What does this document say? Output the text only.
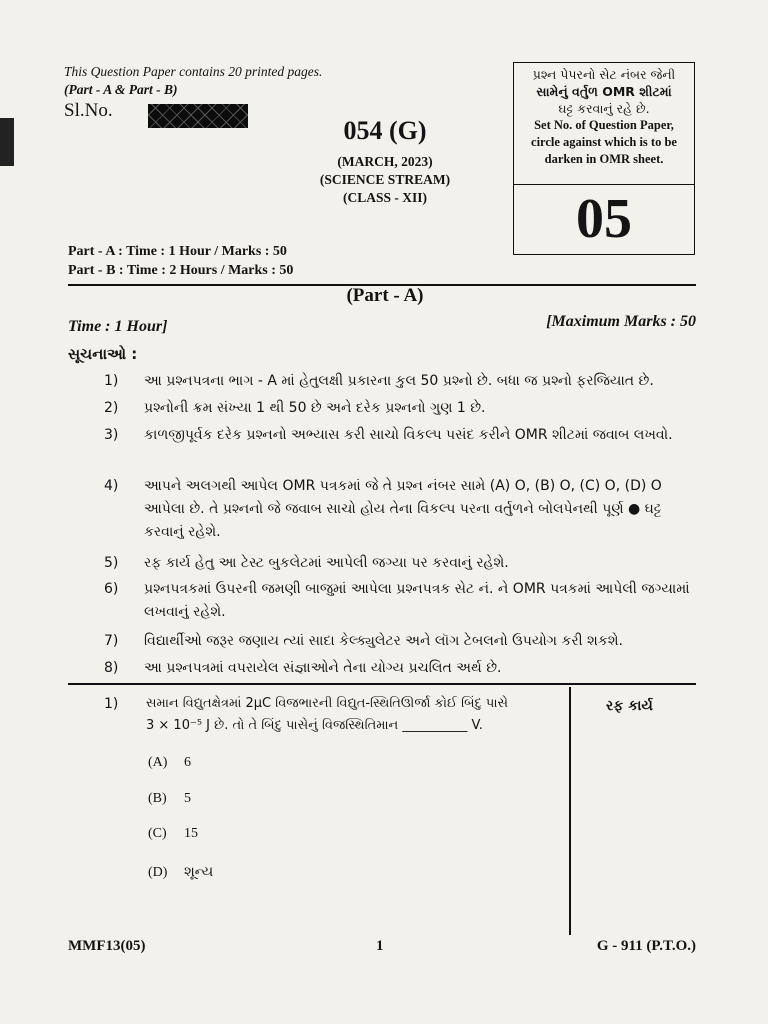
This Question Paper contains 20 printed pages.
(Part - A & Part - B)
Sl.No.
054 (G)
(MARCH, 2023)
(SCIENCE STREAM)
(CLASS - XII)
પ્રશ્ન પેપરનો સેટ નંબર જેની
સામેનું વર્તુળ OMR શીટમાં
ઘટ્ટ કરવાનું રહે છે.
Set No. of Question Paper,
circle against which is to be
darken in OMR sheet.
05
Part - A : Time : 1 Hour / Marks : 50
Part - B : Time : 2 Hours / Marks : 50
(Part - A)
Time : 1 Hour]	[Maximum Marks : 50
સૂચનાઓ :
1)	આ પ્રશ્નપત્રના ભાગ - A માં હેતુલક્ષી પ્રકારના કુલ 50 પ્રશ્નો છે. બધા જ પ્રશ્નો ફરજિયાત છે.
2)	પ્રશ્નોની ક્રમ સંખ્યા 1 થી 50 છે અને દરેક પ્રશ્નનો ગુણ 1 છે.
3)	કાળજીપૂર્વક દરેક પ્રશ્નનો અભ્યાસ કરી સાચો વિકલ્પ પસંદ કરીને OMR શીટમાં જવાબ લખવો.
4)	આપને અલગથી આપેલ OMR પત્રકમાં જે તે પ્રશ્ન નંબર સામે (A) O, (B) O, (C) O, (D) O આપેલા છે. તે પ્રશ્નનો જે જવાબ સાચો હોય તેના વિકલ્પ પરના વર્તુળને બોલપેનથી પૂર્ણ ● ઘટ્ટ કરવાનું રહેશે.
5)	રફ કાર્ય હેતુ આ ટેસ્ટ બુકલેટમાં આપેલી જગ્યા પર કરવાનું રહેશે.
6)	પ્રશ્નપત્રકમાં ઉપરની જમણી બાજુમાં આપેલા પ્રશ્નપત્રક સેટ નં. ને OMR પત્રકમાં આપેલી જગ્યામાં લખવાનું રહેશે.
7)	વિદ્યાર્થીઓ જરૂર જણાય ત્યાં સાદા કેલ્ક્યુલેટર અને લૉગ ટેબલનો ઉપયોગ કરી શકશે.
8)	આ પ્રશ્નપત્રમાં વપરાયેલ સંજ્ઞાઓને તેના યોગ્ય પ્રચલિત અર્થ છે.
1) સમાન વિદ્યુતક્ષેત્રમાં 2μC વિજભારની વિદ્યુત-સ્થિતિઊર્જા કોઈ બિંદુ પાસે
3 × 10⁻⁵ J છે. તો તે બિંદુ પાસેનું વિજસ્થિતિમાન __________ V.
(A) 6
(B) 5
(C) 15
(D) શૂન્ય
રફ કાર્ય
MMF13(05)	1	G - 911 (P.T.O.)
